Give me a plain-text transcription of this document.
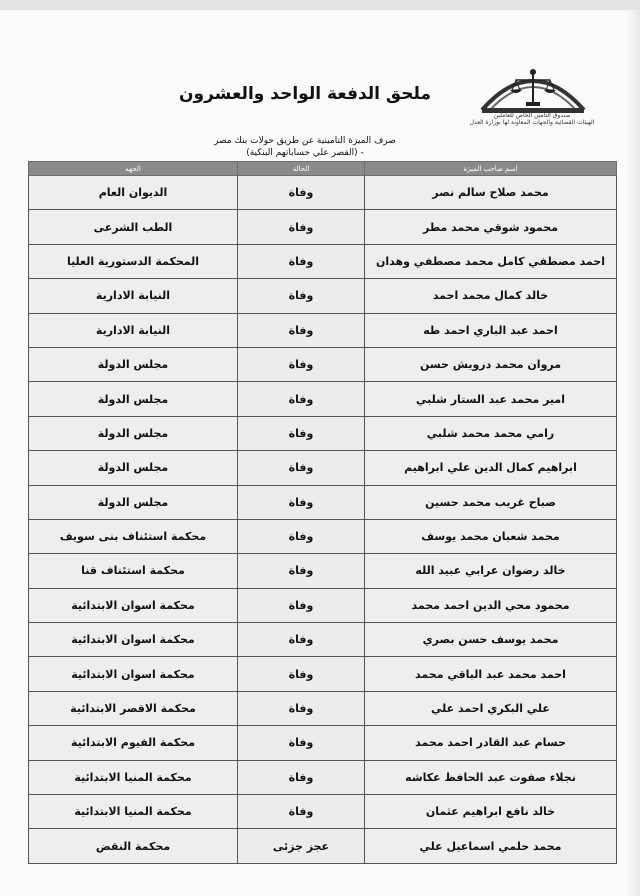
صندوق التأمين الخاص للعاملين
الهيئات القضائية والجهات المعاونة لها بوزارة العدل
ملحق الدفعة الواحد والعشرون
صرف الميزة التامينية عن طريق حولات بنك مصر
- (القصر علي حساباتهم البنكية)
اسم صاحب الميزة	الحالة	الجهه
محمد صلاح سالم نصر	وفاة	الديوان العام
محمود شوقي محمد مطر	وفاة	الطب الشرعى
احمد مصطفي كامل محمد مصطفي وهدان	وفاة	المحكمة الدستورية العليا
خالد كمال محمد احمد	وفاة	النيابة الادارية
احمد عبد الباري احمد طه	وفاة	النيابة الادارية
مروان محمد درويش حسن	وفاة	مجلس الدولة
امير محمد عبد الستار شلبي	وفاة	مجلس الدولة
رامي محمد محمد شلبي	وفاة	مجلس الدولة
ابراهيم كمال الدين علي ابراهيم	وفاة	مجلس الدولة
صباح غريب محمد حسين	وفاة	مجلس الدولة
محمد شعبان محمد يوسف	وفاة	محكمة استئناف بنى سويف
خالد رضوان عرابي عبيد الله	وفاة	محكمة استئناف قنا
محمود محي الدين احمد محمد	وفاة	محكمة اسوان الابتدائية
محمد يوسف حسن بصري	وفاة	محكمة اسوان الابتدائية
احمد محمد عبد الباقي محمد	وفاة	محكمة اسوان الابتدائية
علي البكري احمد علي	وفاة	محكمة الاقصر الابتدائية
حسام عبد القادر احمد محمد	وفاة	محكمة الفيوم الابتدائية
نجلاء صفوت عبد الحافظ عكاشه	وفاة	محكمة المنيا الابتدائية
خالد نافع ابراهيم عثمان	وفاة	محكمة المنيا الابتدائية
محمد حلمي اسماعيل علي	عجز جزئى	محكمة النقض
